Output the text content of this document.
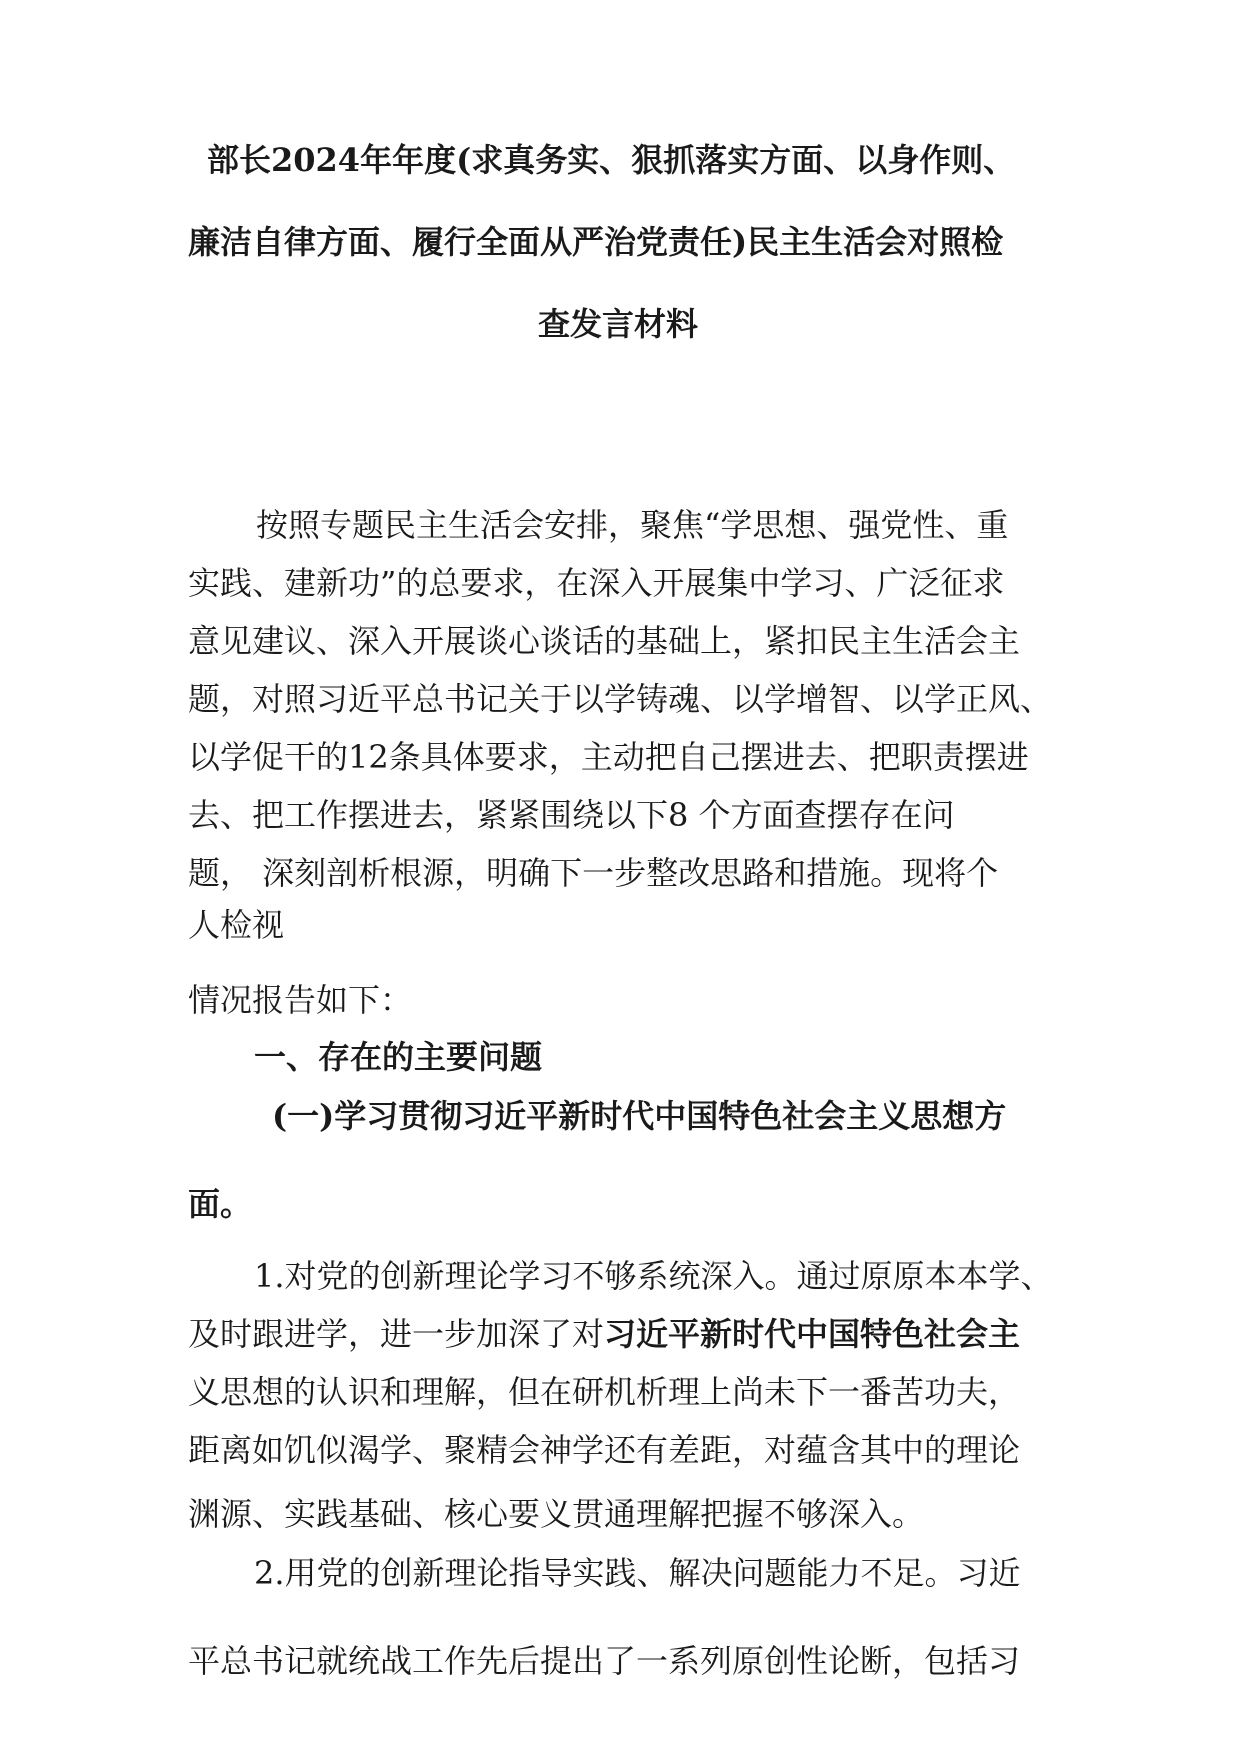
部长2024年年度(求真务实、狠抓落实方面、以身作则、
廉洁自律方面、履行全面从严治党责任)民主生活会对照检
查发言材料
按照专题民主生活会安排，聚焦“学思想、强党性、重
实践、建新功”的总要求，在深入开展集中学习、广泛征求
意见建议、深入开展谈心谈话的基础上，紧扣民主生活会主
题，对照习近平总书记关于以学铸魂、以学增智、以学正风、
以学促干的12条具体要求，主动把自己摆进去、把职责摆进
去、把工作摆进去，紧紧围绕以下8 个方面查摆存在问
题， 深刻剖析根源，明确下一步整改思路和措施。现将个
人检视
情况报告如下：
一、存在的主要问题
(一)学习贯彻习近平新时代中国特色社会主义思想方
面。
1.对党的创新理论学习不够系统深入。通过原原本本学、
及时跟进学，进一步加深了对习近平新时代中国特色社会主
义思想的认识和理解，但在研机析理上尚未下一番苦功夫，
距离如饥似渴学、聚精会神学还有差距，对蕴含其中的理论
渊源、实践基础、核心要义贯通理解把握不够深入。
2.用党的创新理论指导实践、解决问题能力不足。习近
平总书记就统战工作先后提出了一系列原创性论断，包括习
